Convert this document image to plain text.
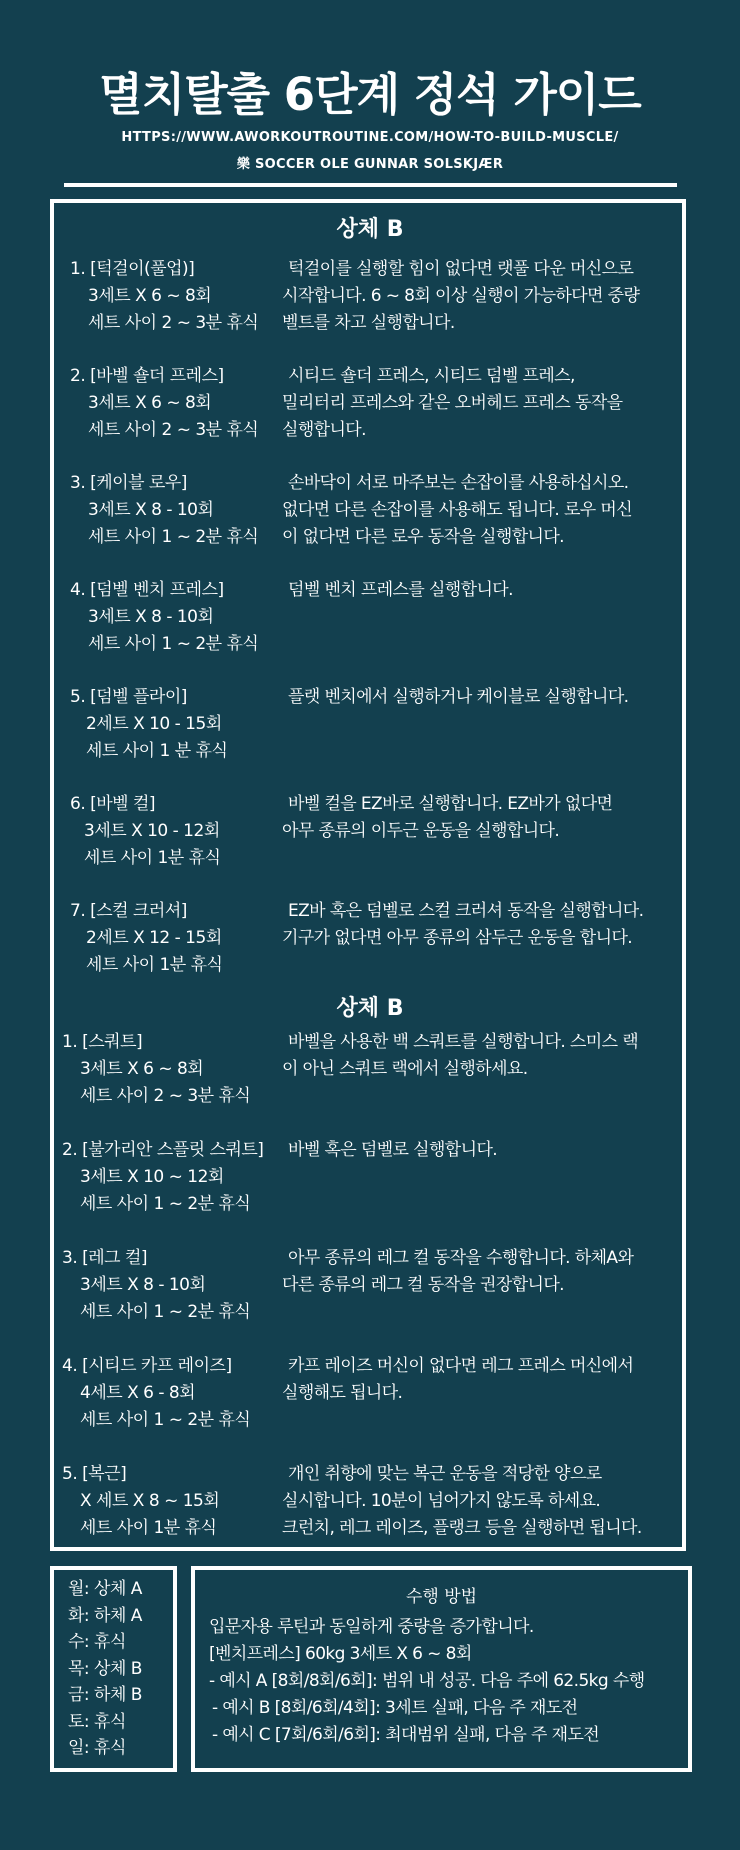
멸치탈출 6단계 정석 가이드
HTTPS://WWW.AWORKOUTROUTINE.COM/HOW-TO-BUILD-MUSCLE/
樂 SOCCER OLE GUNNAR SOLSKJÆR
상체 B
1. [턱걸이(풀업)]
3세트 X 6 ~ 8회
세트 사이 2 ~ 3분 휴식
턱걸이를 실행할 힘이 없다면 랫풀 다운 머신으로
시작합니다. 6 ~ 8회 이상 실행이 가능하다면 중량
벨트를 차고 실행합니다.
2. [바벨 숄더 프레스]
3세트 X 6 ~ 8회
세트 사이 2 ~ 3분 휴식
시티드 숄더 프레스, 시티드 덤벨 프레스,
밀리터리 프레스와 같은 오버헤드 프레스 동작을
실행합니다.
3. [케이블 로우]
3세트 X 8 - 10회
세트 사이 1 ~ 2분 휴식
손바닥이 서로 마주보는 손잡이를 사용하십시오.
없다면 다른 손잡이를 사용해도 됩니다. 로우 머신
이 없다면 다른 로우 동작을 실행합니다.
4. [덤벨 벤치 프레스]
3세트 X 8 - 10회
세트 사이 1 ~ 2분 휴식
덤벨 벤치 프레스를 실행합니다.
5. [덤벨 플라이]
2세트 X 10 - 15회
세트 사이 1 분 휴식
플랫 벤치에서 실행하거나 케이블로 실행합니다.
6. [바벨 컬]
3세트 X 10 - 12회
세트 사이 1분 휴식
바벨 컬을 EZ바로 실행합니다. EZ바가 없다면
아무 종류의 이두근 운동을 실행합니다.
7. [스컬 크러셔]
2세트 X 12 - 15회
세트 사이 1분 휴식
EZ바 혹은 덤벨로 스컬 크러셔 동작을 실행합니다.
기구가 없다면 아무 종류의 삼두근 운동을 합니다.
상체 B
1. [스쿼트]
3세트 X 6 ~ 8회
세트 사이 2 ~ 3분 휴식
바벨을 사용한 백 스쿼트를 실행합니다. 스미스 랙
이 아닌 스쿼트 랙에서 실행하세요.
2. [불가리안 스플릿 스쿼트]
3세트 X 10 ~ 12회
세트 사이 1 ~ 2분 휴식
바벨 혹은 덤벨로 실행합니다.
3. [레그 컬]
3세트 X 8 - 10회
세트 사이 1 ~ 2분 휴식
아무 종류의 레그 컬 동작을 수행합니다. 하체A와
다른 종류의 레그 컬 동작을 권장합니다.
4. [시티드 카프 레이즈]
4세트 X 6 - 8회
세트 사이 1 ~ 2분 휴식
카프 레이즈 머신이 없다면 레그 프레스 머신에서
실행해도 됩니다.
5. [복근]
X 세트 X 8 ~ 15회
세트 사이 1분 휴식
개인 취향에 맞는 복근 운동을 적당한 양으로
실시합니다. 10분이 넘어가지 않도록 하세요.
크런치, 레그 레이즈, 플랭크 등을 실행하면 됩니다.
월: 상체 A
화: 하체 A
수: 휴식
목: 상체 B
금: 하체 B
토: 휴식
일: 휴식
수행 방법
입문자용 루틴과 동일하게 중량을 증가합니다.
[벤치프레스] 60kg 3세트 X 6 ~ 8회
- 예시 A [8회/8회/6회]: 범위 내 성공. 다음 주에 62.5kg 수행
- 예시 B [8회/6회/4회]: 3세트 실패, 다음 주 재도전
- 예시 C [7회/6회/6회]: 최대범위 실패, 다음 주 재도전
